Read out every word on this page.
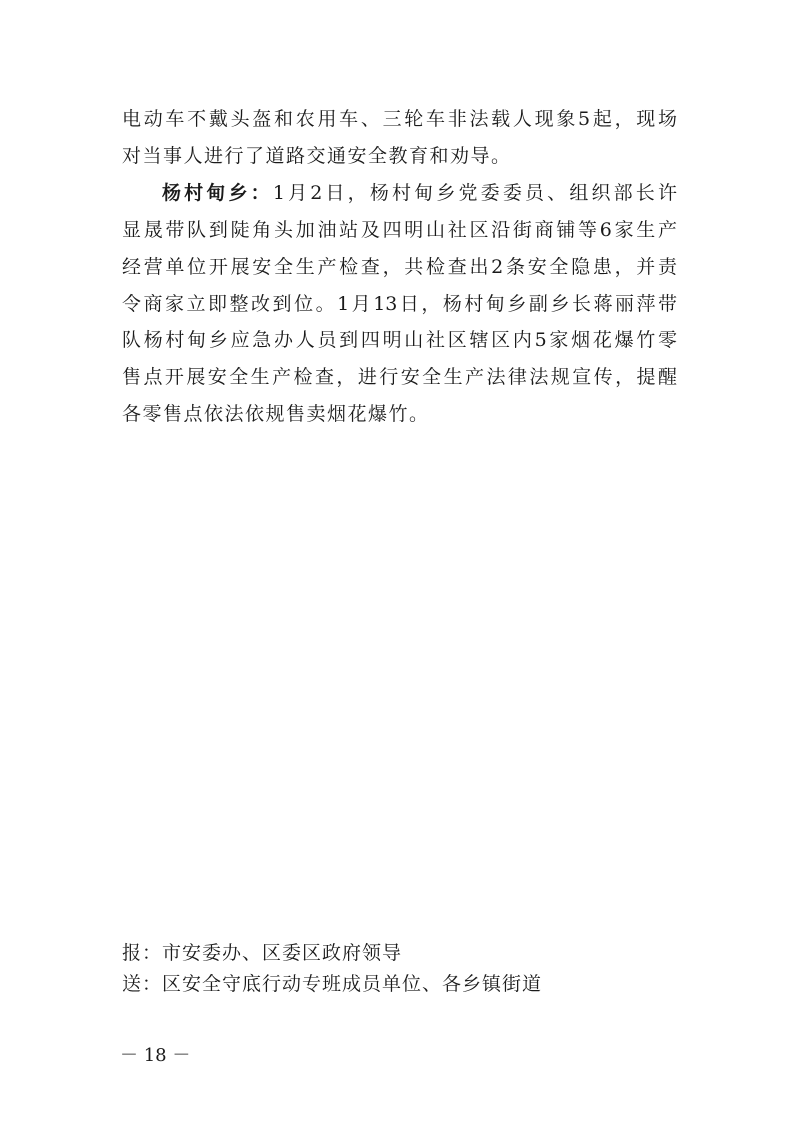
电动车不戴头盔和农用车、三轮车非法载人现象5起，现场
对当事人进行了道路交通安全教育和劝导。
杨村甸乡：1月2日，杨村甸乡党委委员、组织部长许
显晟带队到陡角头加油站及四明山社区沿街商铺等6家生产
经营单位开展安全生产检查，共检查出2条安全隐患，并责
令商家立即整改到位。1月13日，杨村甸乡副乡长蒋丽萍带
队杨村甸乡应急办人员到四明山社区辖区内5家烟花爆竹零
售点开展安全生产检查，进行安全生产法律法规宣传，提醒
各零售点依法依规售卖烟花爆竹。
报：市安委办、区委区政府领导
送：区安全守底行动专班成员单位、各乡镇街道
－ 18 －
